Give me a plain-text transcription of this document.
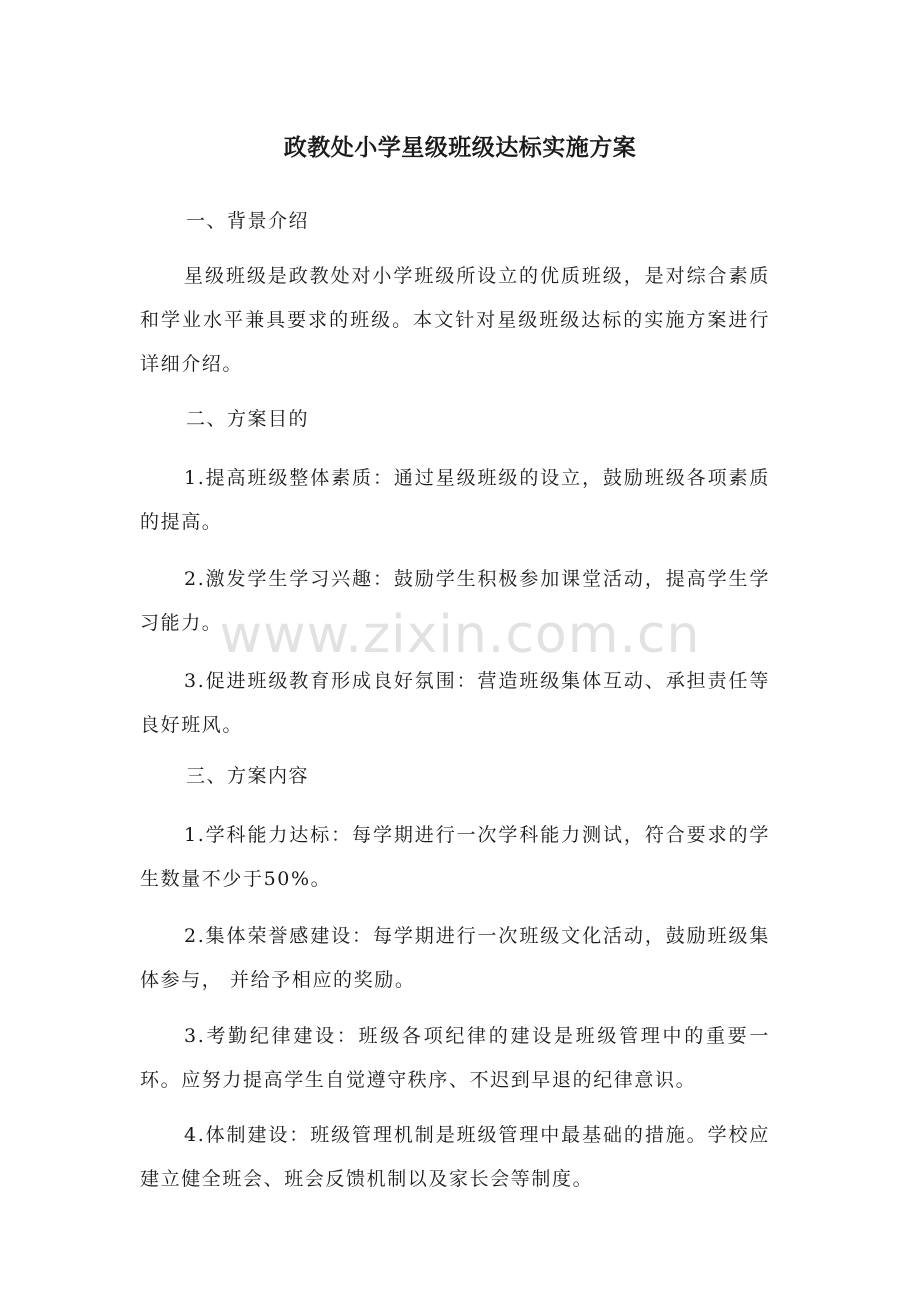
政教处小学星级班级达标实施方案
一、背景介绍

星级班级是政教处对小学班级所设立的优质班级，是对综合素质和学业水平兼具要求的班级。本文针对星级班级达标的实施方案进行详细介绍。

二、方案目的

1.提高班级整体素质：通过星级班级的设立，鼓励班级各项素质的提高。

2.激发学生学习兴趣：鼓励学生积极参加课堂活动，提高学生学习能力。

3.促进班级教育形成良好氛围：营造班级集体互动、承担责任等良好班风。

三、方案内容

1.学科能力达标：每学期进行一次学科能力测试，符合要求的学生数量不少于50%。

2.集体荣誉感建设：每学期进行一次班级文化活动，鼓励班级集体参与， 并给予相应的奖励。

3.考勤纪律建设：班级各项纪律的建设是班级管理中的重要一环。应努力提高学生自觉遵守秩序、不迟到早退的纪律意识。

4.体制建设：班级管理机制是班级管理中最基础的措施。学校应建立健全班会、班会反馈机制以及家长会等制度。

www.zixin.com.cn
